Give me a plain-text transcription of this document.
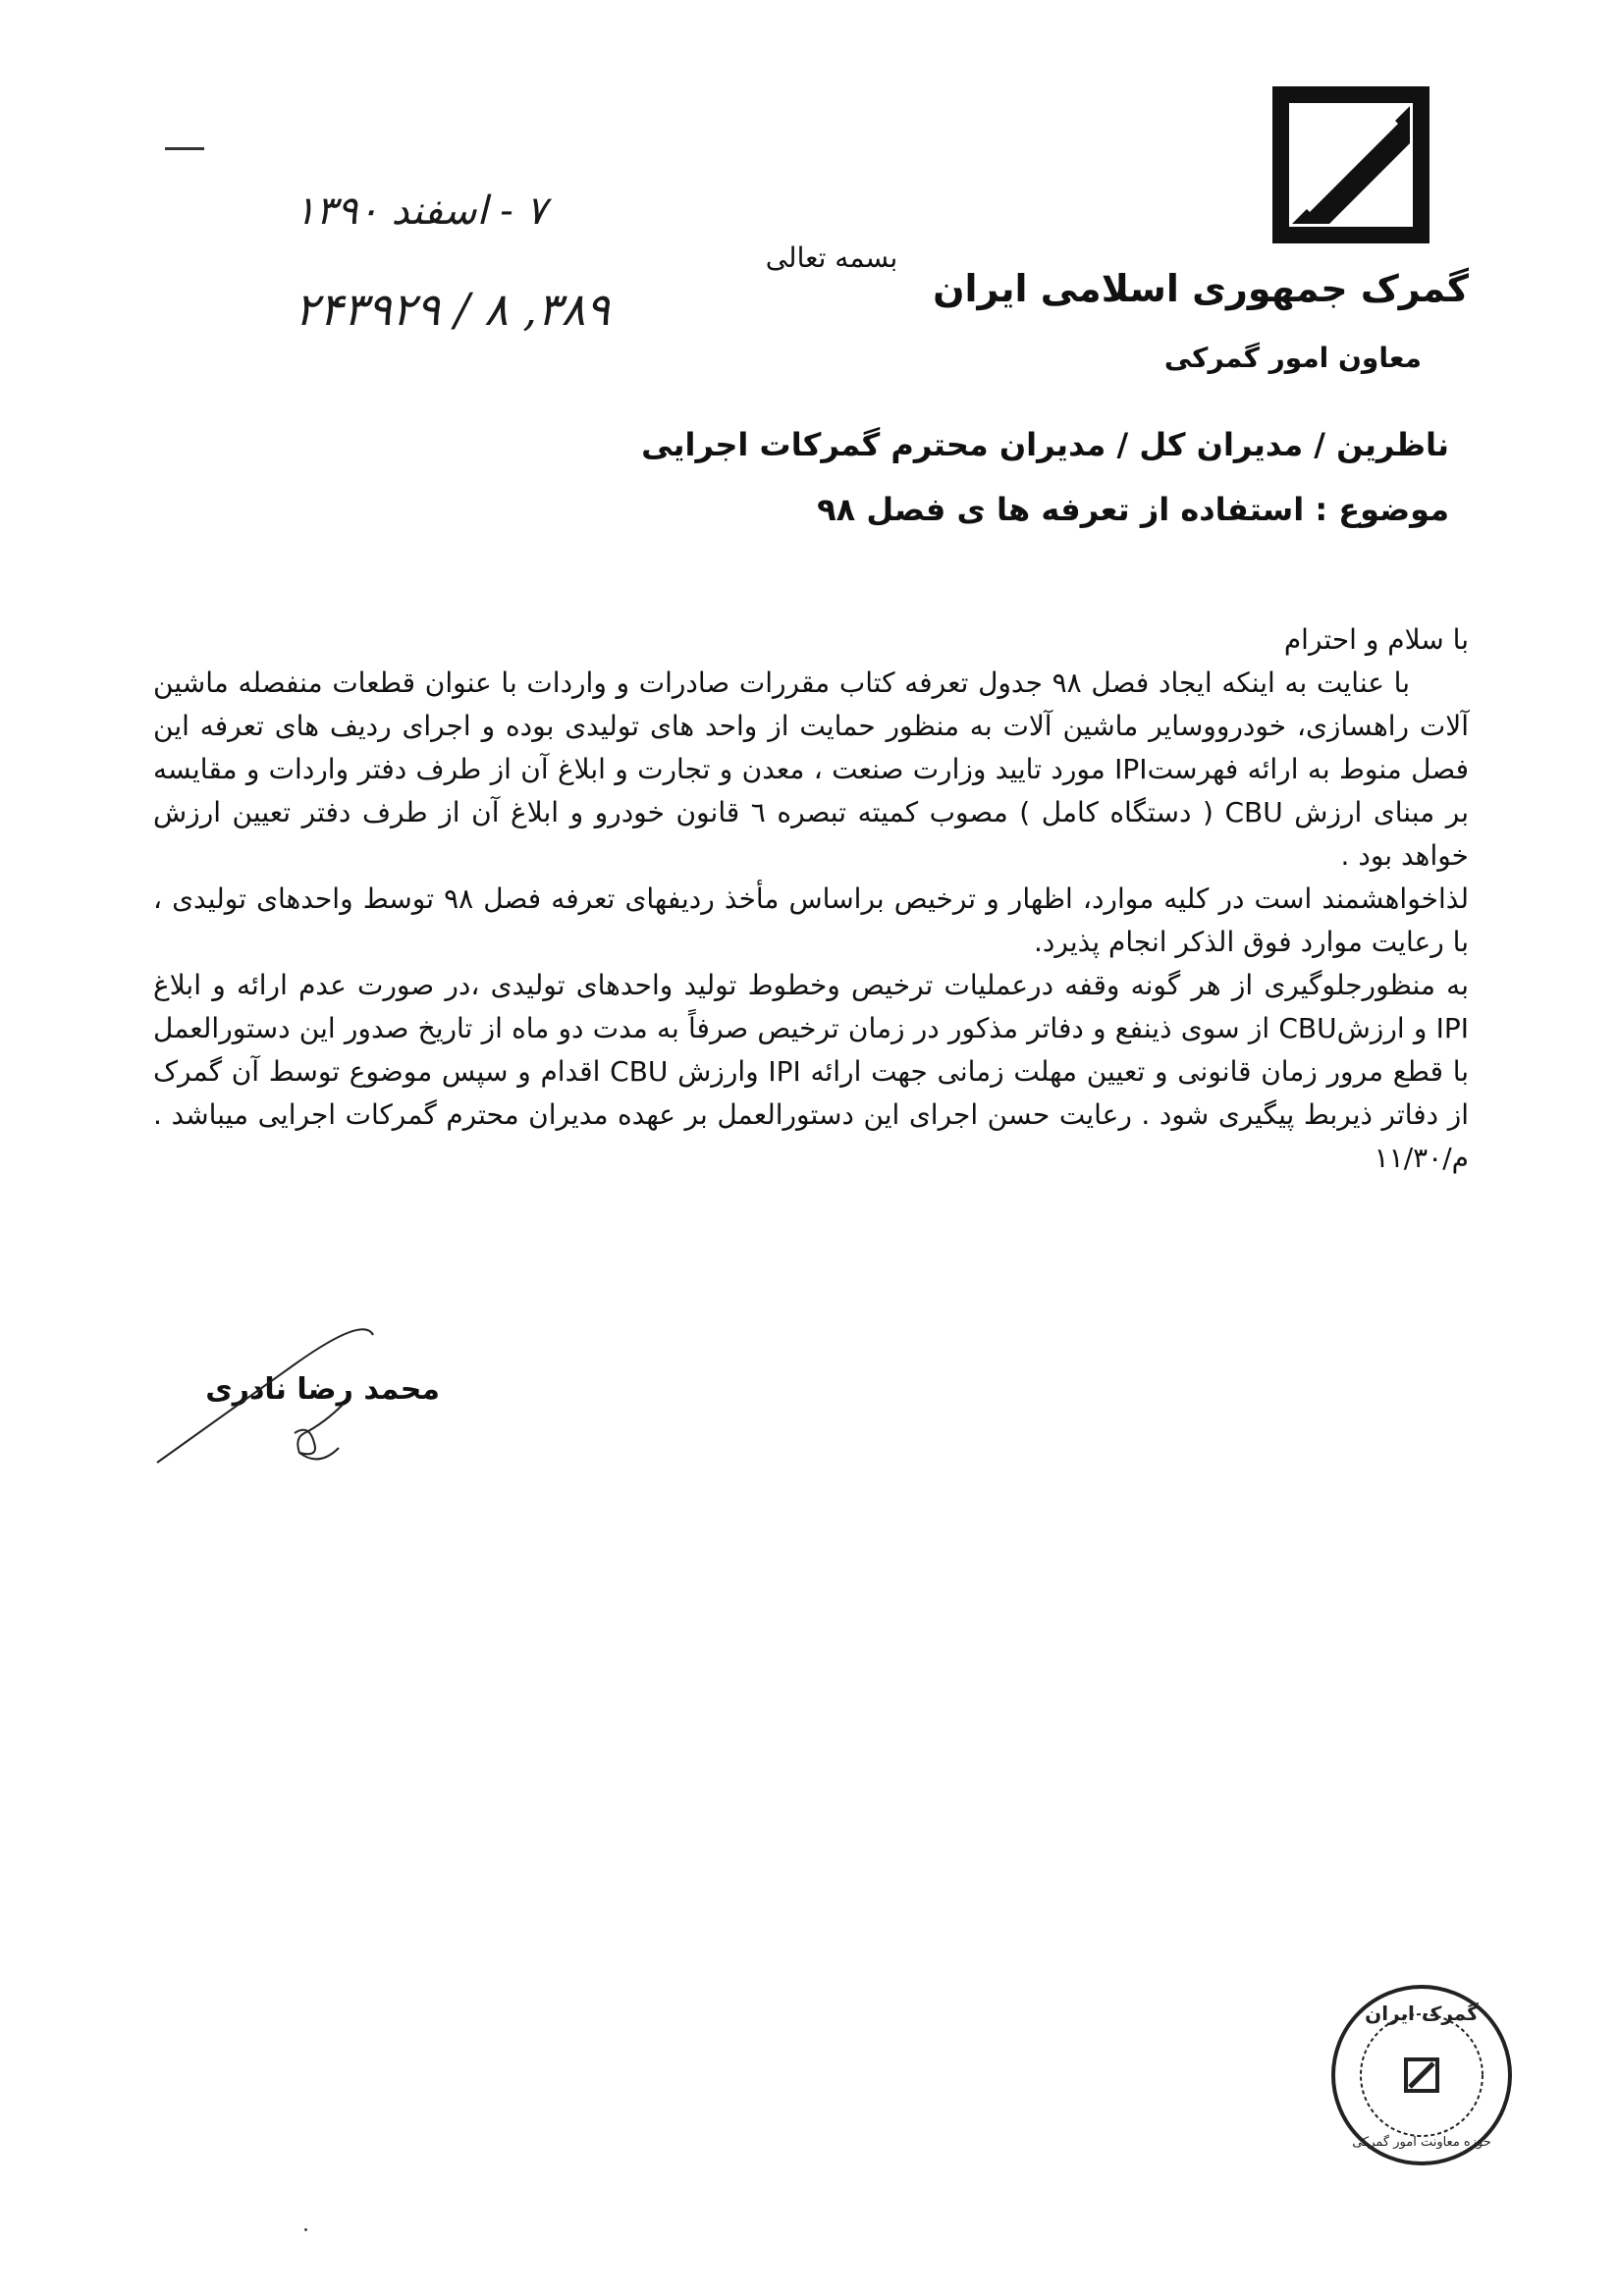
گمرک جمهوری اسلامی ایران
معاون امور گمرکی
بسمه تعالی
۷ - اسفند ۱۳۹۰
۳۸۹, ۸ / ۲۴۳۹۲۹
ناظرین / مدیران کل / مدیران محترم گمرکات اجرایی
موضوع : استفاده از تعرفه ها ی فصل ۹۸

با سلام و احترام

با عنایت به اینکه ایجاد فصل ۹۸ جدول تعرفه کتاب مقررات صادرات و واردات با عنوان قطعات منفصله ماشین آلات راهسازی، خودرووسایر ماشین آلات به منظور حمایت از واحد های تولیدی بوده و اجرای ردیف های تعرفه این فصل منوط به ارائه فهرستIPI مورد تایید وزارت صنعت ، معدن و تجارت و ابلاغ آن از طرف دفتر واردات و مقایسه بر مبنای ارزش CBU ( دستگاه کامل ) مصوب کمیته تبصره ٦ قانون خودرو و ابلاغ آن از طرف دفتر تعیین ارزش خواهد بود .

لذاخواهشمند است در کلیه موارد، اظهار و ترخیص براساس مأخذ ردیفهای تعرفه فصل ۹۸ توسط واحدهای تولیدی ، با رعایت موارد فوق الذکر انجام پذیرد.

به منظورجلوگیری از هر گونه وقفه درعملیات ترخیص وخطوط تولید واحدهای تولیدی ،در صورت عدم ارائه و ابلاغ IPI و ارزشCBU از سوی ذینفع و دفاتر مذکور در زمان ترخیص صرفاً به مدت دو ماه از تاریخ صدور این دستورالعمل با قطع مرور زمان قانونی و تعیین مهلت زمانی جهت ارائه IPI وارزش CBU اقدام و سپس موضوع توسط آن گمرک از دفاتر ذیربط پیگیری شود . رعایت حسن اجرای این دستورالعمل بر عهده مدیران محترم گمرکات اجرایی میباشد . م/۱۱/۳۰

محمد رضا نادری
گمرک ایران
حوزه معاونت امور گمرکی
